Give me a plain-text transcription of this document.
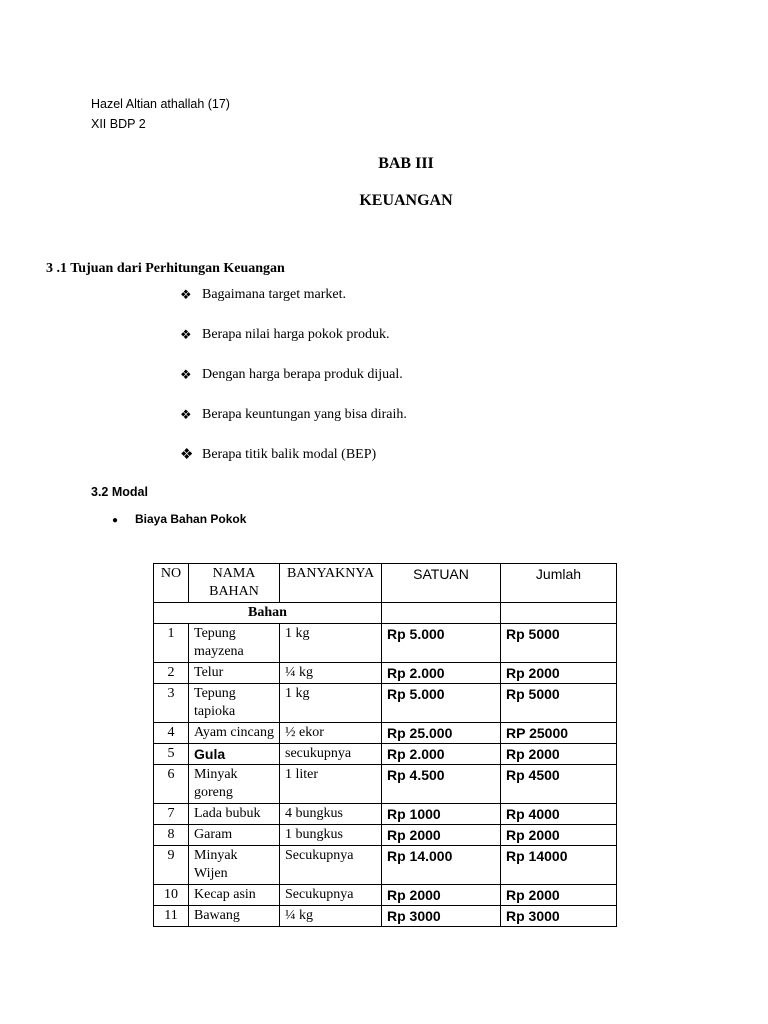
Hazel Altian athallah (17)
XII BDP 2
BAB III
KEUANGAN
3 .1 Tujuan dari Perhitungan Keuangan
❖ Bagaimana target market.
❖ Berapa nilai harga pokok produk.
❖ Dengan harga berapa produk dijual.
❖ Berapa keuntungan yang bisa diraih.
❖ Berapa titik balik modal (BEP)
3.2 Modal
●	Biaya Bahan Pokok
NO	NAMA BAHAN	BANYAKNYA	SATUAN	Jumlah
Bahan				
1	Tepung mayzena	1 kg	Rp 5.000	Rp 5000
2	Telur	¼ kg	Rp 2.000	Rp 2000
3	Tepung tapioka	1 kg	Rp 5.000	Rp 5000
4	Ayam cincang	½ ekor	Rp 25.000	RP 25000
5	Gula	secukupnya	Rp 2.000	Rp 2000
6	Minyak goreng	1 liter	Rp 4.500	Rp 4500
7	Lada bubuk	4 bungkus	Rp 1000	Rp 4000
8	Garam	1 bungkus	Rp 2000	Rp 2000
9	Minyak Wijen	Secukupnya	Rp 14.000	Rp 14000
10	Kecap asin	Secukupnya	Rp 2000	Rp 2000
11	Bawang	¼ kg	Rp 3000	Rp 3000
